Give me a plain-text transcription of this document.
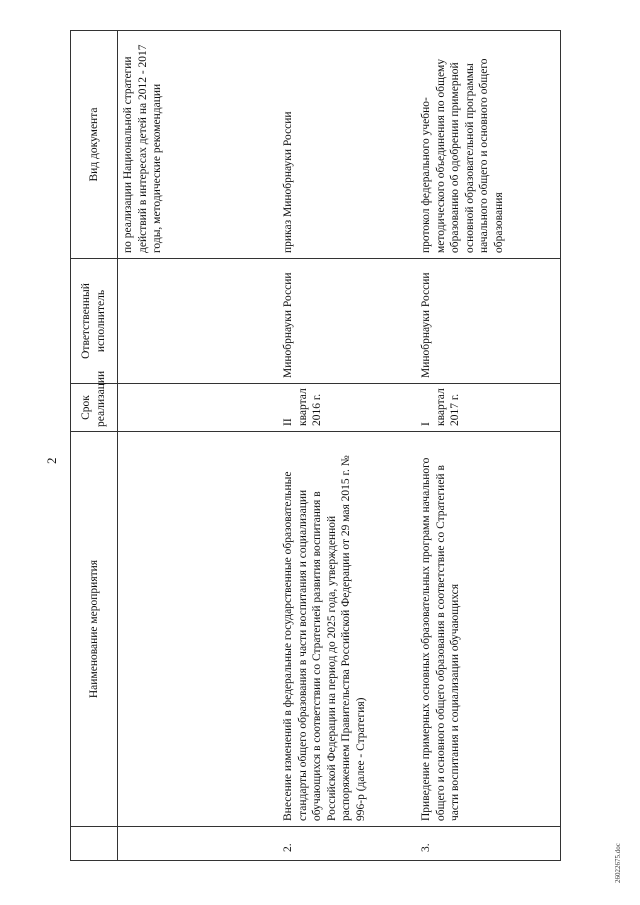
2
	Наименование мероприятия	Срок реализации	Ответственный исполнитель	Вид документа
				по реализации Национальной стратегии действий в интересах детей на 2012 - 2017 годы, методические рекомендации
2.	Внесение изменений в федеральные государственные образовательные стандарты общего образования в части воспитания и социализации обучающихся в соответствии со Стратегией развития воспитания в Российской Федерации на период до 2025 года, утвержденной распоряжением Правительства Российской Федерации от 29 мая 2015 г. № 996-р (далее - Стратегия)	II квартал 2016 г.	Минобрнауки России	приказ Минобрнауки России
3.	Приведение примерных основных образовательных программ начального общего и основного общего образования в соответствие со Стратегией в части воспитания и социализации обучающихся	I квартал 2017 г.	Минобрнауки России	протокол федерального учебно-методического объединения по общему образованию об одобрении примерной основной образовательной программы начального общего и основного общего образования
26022675.doc
